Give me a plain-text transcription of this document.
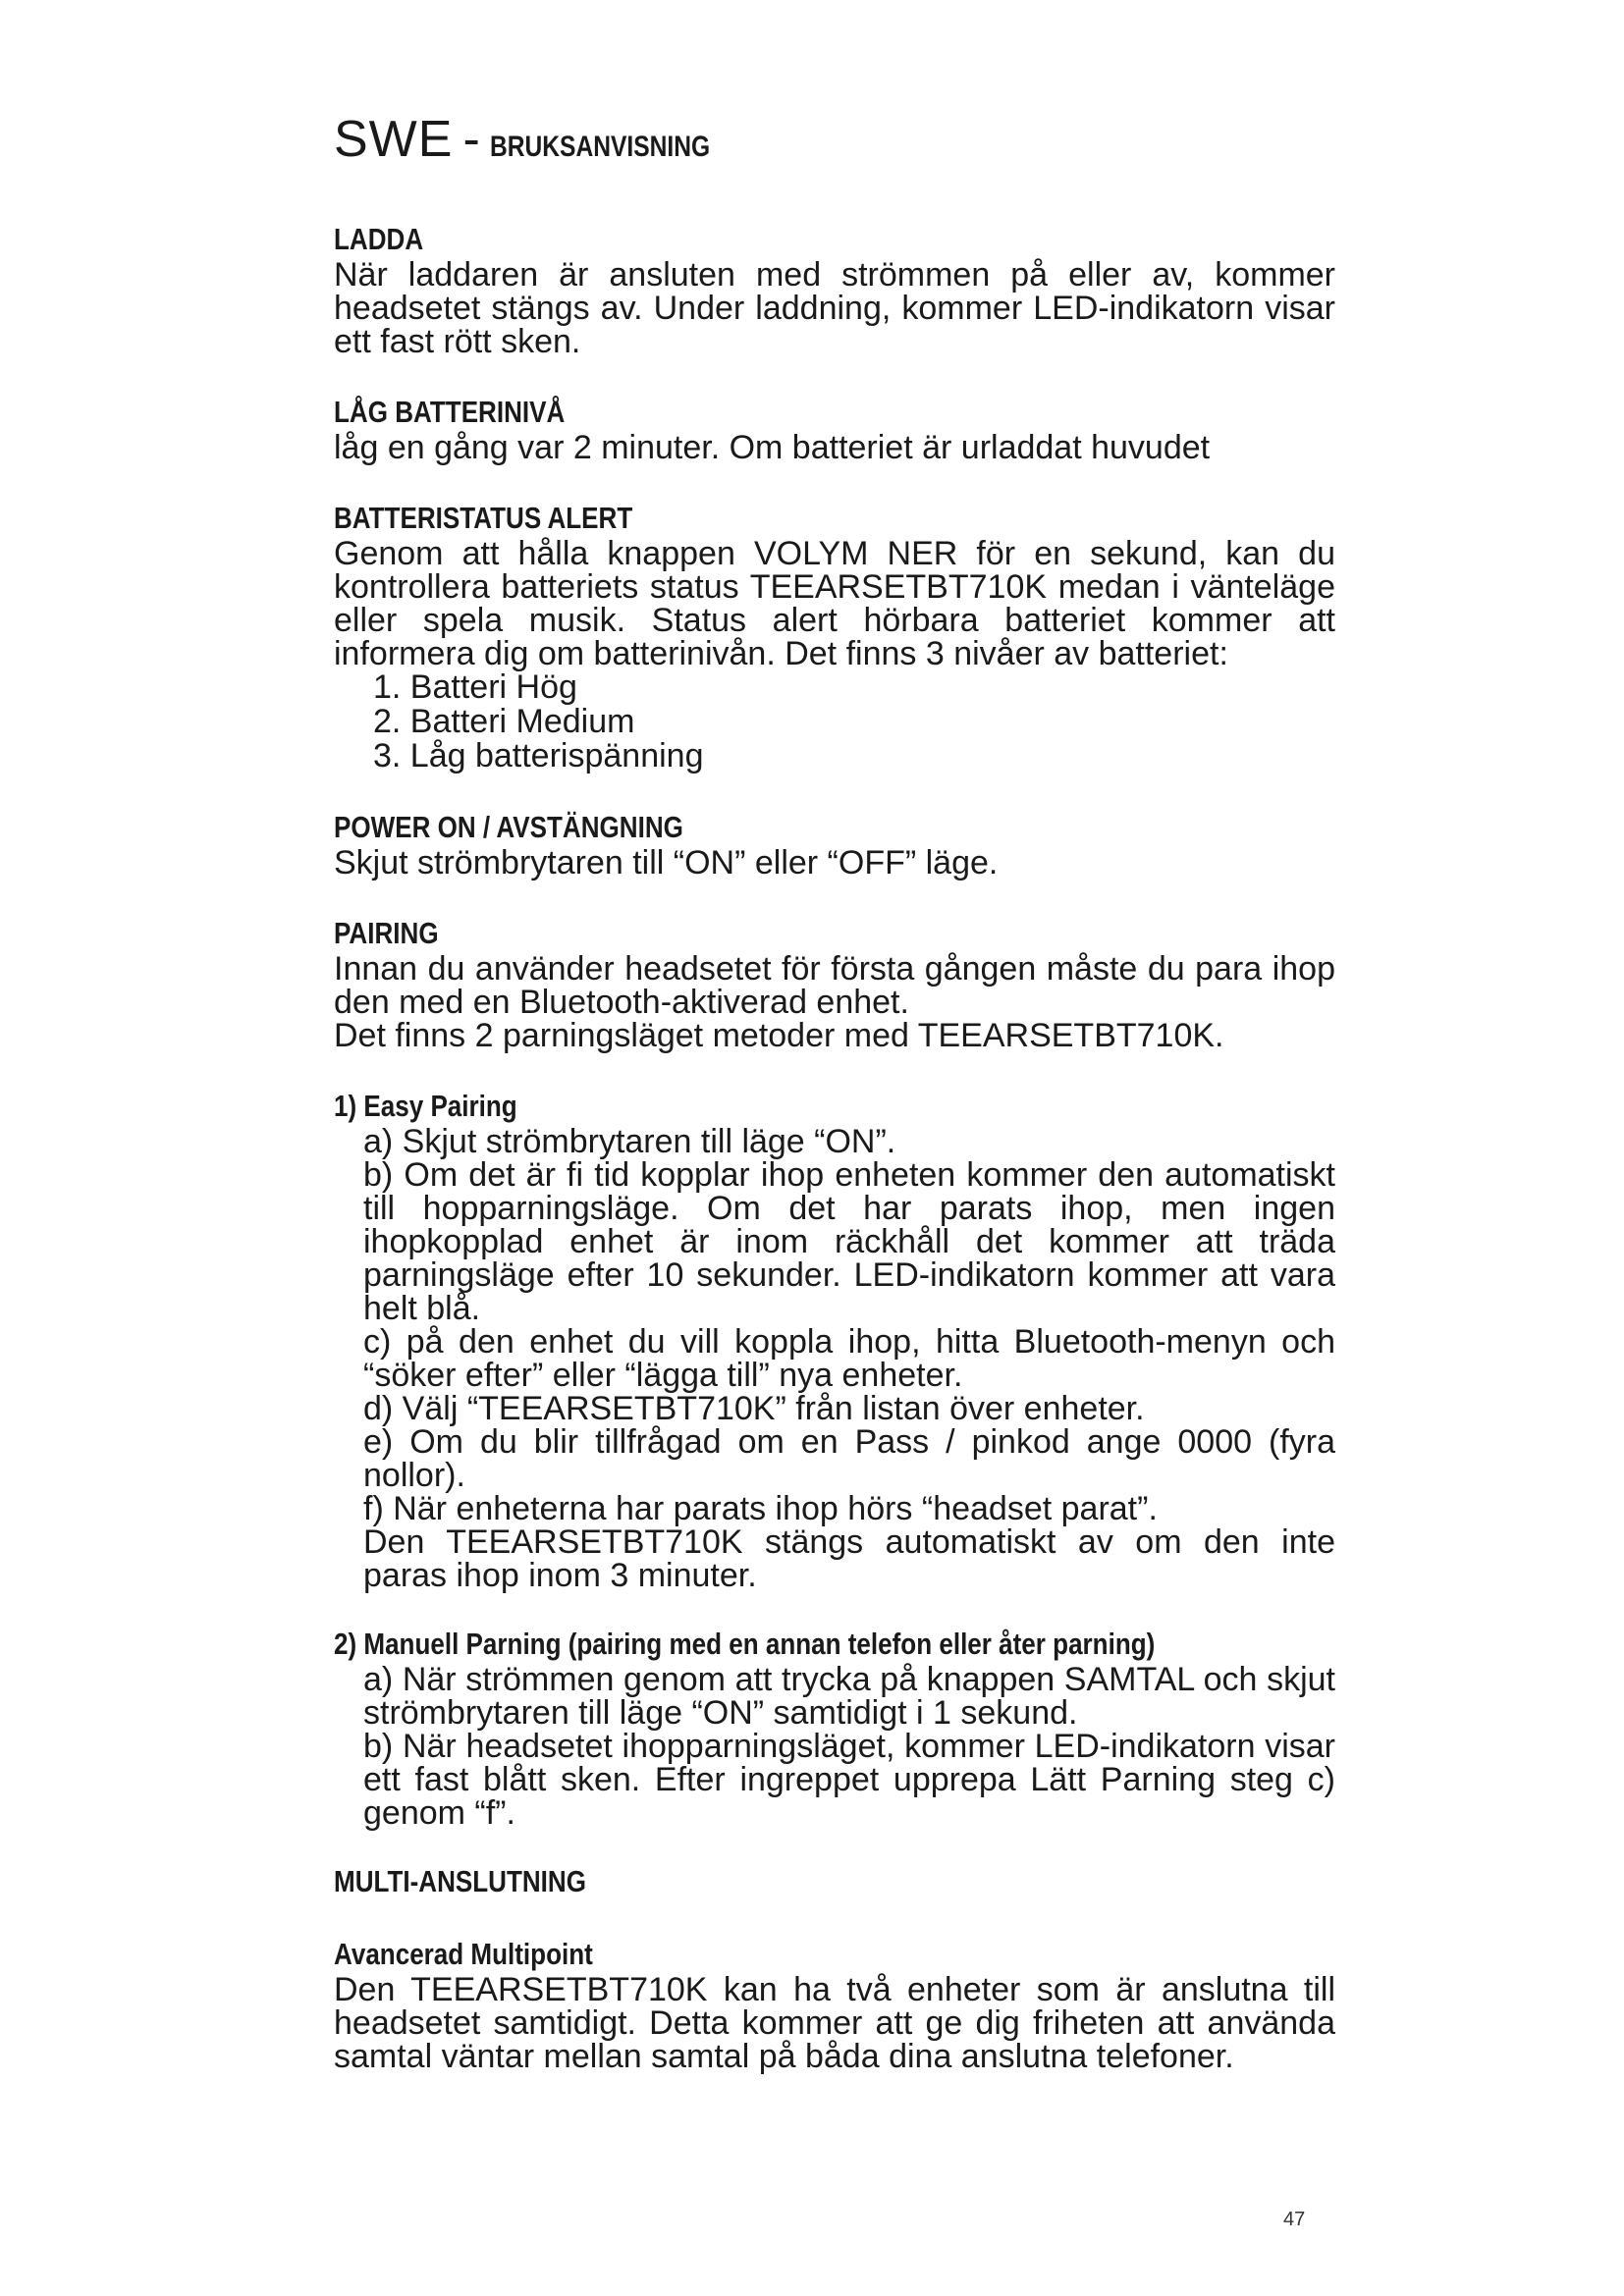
SWE - BRUKSANVISNING
LADDA

När laddaren är ansluten med strömmen på eller av, kommer headsetet stängs av. Under laddning, kommer LED-indikatorn visar ett fast rött sken.

LÅG BATTERINIVÅ

låg en gång var 2 minuter. Om batteriet är urladdat huvudet

BATTERISTATUS ALERT

Genom att hålla knappen VOLYM NER för en sekund, kan du kontrollera batteriets status TEEARSETBT710K medan i vänteläge eller spela musik. Status alert hörbara batteriet kommer att informera dig om batterinivån. Det finns 3 nivåer av batteriet:

1. Batteri Hög
2. Batteri Medium
3. Låg batterispänning
POWER ON / AVSTÄNGNING

Skjut strömbrytaren till “ON” eller “OFF” läge.

PAIRING

Innan du använder headsetet för första gången måste du para ihop den med en Bluetooth-aktiverad enhet.

Det finns 2 parningsläget metoder med TEEARSETBT710K.

1) Easy Pairing

a) Skjut strömbrytaren till läge “ON”.

b) Om det är fi tid kopplar ihop enheten kommer den automatiskt till hopparningsläge. Om det har parats ihop, men ingen ihopkopplad enhet är inom räckhåll det kommer att träda parningsläge efter 10 sekunder. LED-indikatorn kommer att vara helt blå.

c) på den enhet du vill koppla ihop, hitta Bluetooth-menyn och “söker efter” eller “lägga till” nya enheter.

d) Välj “TEEARSETBT710K” från listan över enheter.

e) Om du blir tillfrågad om en Pass / pinkod ange 0000 (fyra nollor).

f) När enheterna har parats ihop hörs “headset parat”.

Den TEEARSETBT710K stängs automatiskt av om den inte paras ihop inom 3 minuter.

2) Manuell Parning (pairing med en annan telefon eller åter parning)

a) När strömmen genom att trycka på knappen SAMTAL och skjut strömbrytaren till läge “ON” samtidigt i 1 sekund.

b) När headsetet ihopparningsläget, kommer LED-indikatorn visar ett fast blått sken. Efter ingreppet upprepa Lätt Parning steg c) genom “f”.

MULTI-ANSLUTNING
Avancerad Multipoint

Den TEEARSETBT710K kan ha två enheter som är anslutna till headsetet samtidigt. Detta kommer att ge dig friheten att använda samtal väntar mellan samtal på båda dina anslutna telefoner.

47
